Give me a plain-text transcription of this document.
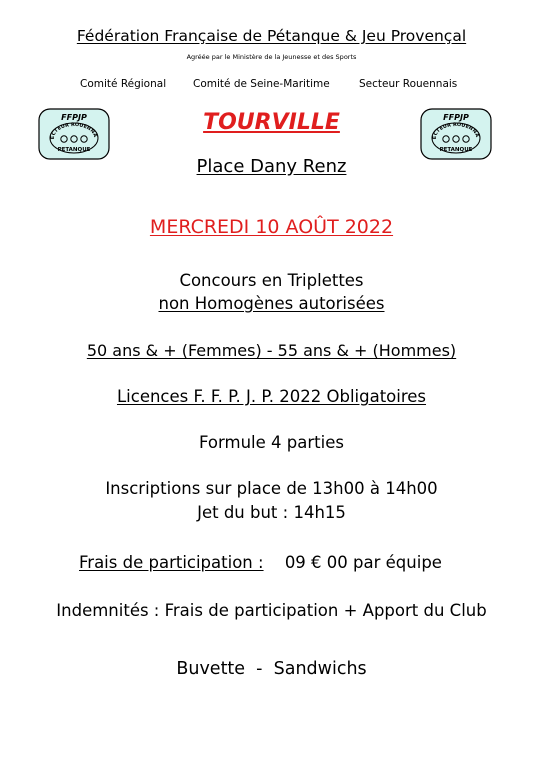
Fédération Française de Pétanque & Jeu Provençal
Agréée par le Ministère de la Jeunesse et des Sports
Comité Régional	Comité de Seine-Maritime	Secteur Rouennais
FFPJP
ECTEUR ROUENNA
PETANQUE
FFPJP
ECTEUR ROUENNA
PETANQUE
TOURVILLE
Place Dany Renz
MERCREDI 10 AOÛT 2022
Concours en Triplettes
non Homogènes autorisées
50 ans & + (Femmes) - 55 ans & + (Hommes)
Licences F. F. P. J. P. 2022 Obligatoires
Formule 4 parties
Inscriptions sur place de 13h00 à 14h00
Jet du but : 14h15
Frais de participation : 09 € 00 par équipe
Indemnités : Frais de participation + Apport du Club
Buvette  -  Sandwichs
